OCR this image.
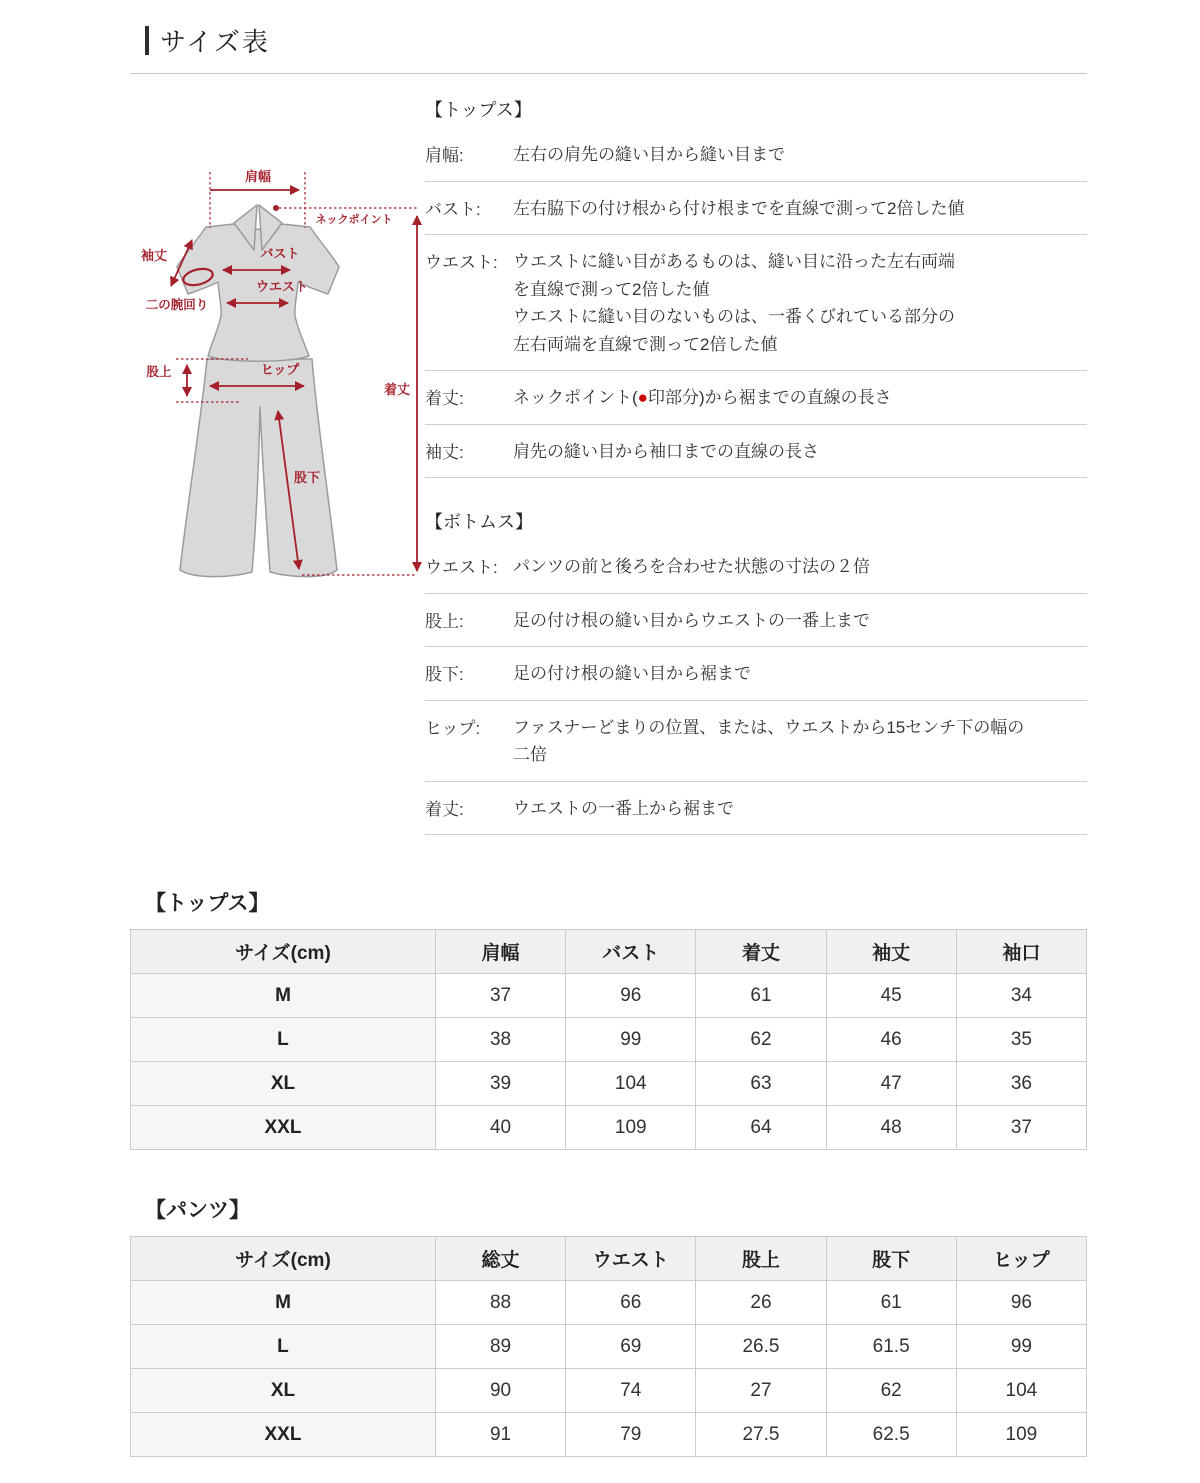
サイズ表
肩幅
ネックポイント
着丈
袖丈
二の腕回り
バスト
ウエスト
股上	ヒップ
股下
【トップス】
肩幅:	左右の肩先の縫い目から縫い目まで

バスト:	左右脇下の付け根から付け根までを直線で測って2倍した値

ウエスト: ウエストに縫い目があるものは、縫い目に沿った左右両端

を直線で測って2倍した値

ウエストに縫い目のないものは、一番くびれている部分の

左右両端を直線で測って2倍した値

着丈:	ネックポイント(●印部分)から裾までの直線の長さ

袖丈:	肩先の縫い目から袖口までの直線の長さ

【ボトムス】
ウエスト: パンツの前と後ろを合わせた状態の寸法の２倍

股上:	足の付け根の縫い目からウエストの一番上まで

股下:	足の付け根の縫い目から裾まで

ヒップ:	ファスナーどまりの位置、または、ウエストから15センチ下の幅の

二倍

着丈:	ウエストの一番上から裾まで

【トップス】
サイズ(cm)	肩幅	バスト	着丈	袖丈	袖口
M	37	96	61	45	34
L	38	99	62	46	35
XL	39	104	63	47	36
XXL	40	109	64	48	37
【パンツ】
サイズ(cm)	総丈	ウエスト	股上	股下	ヒップ
M	88	66	26	61	96
L	89	69	26.5	61.5	99
XL	90	74	27	62	104
XXL	91	79	27.5	62.5	109
